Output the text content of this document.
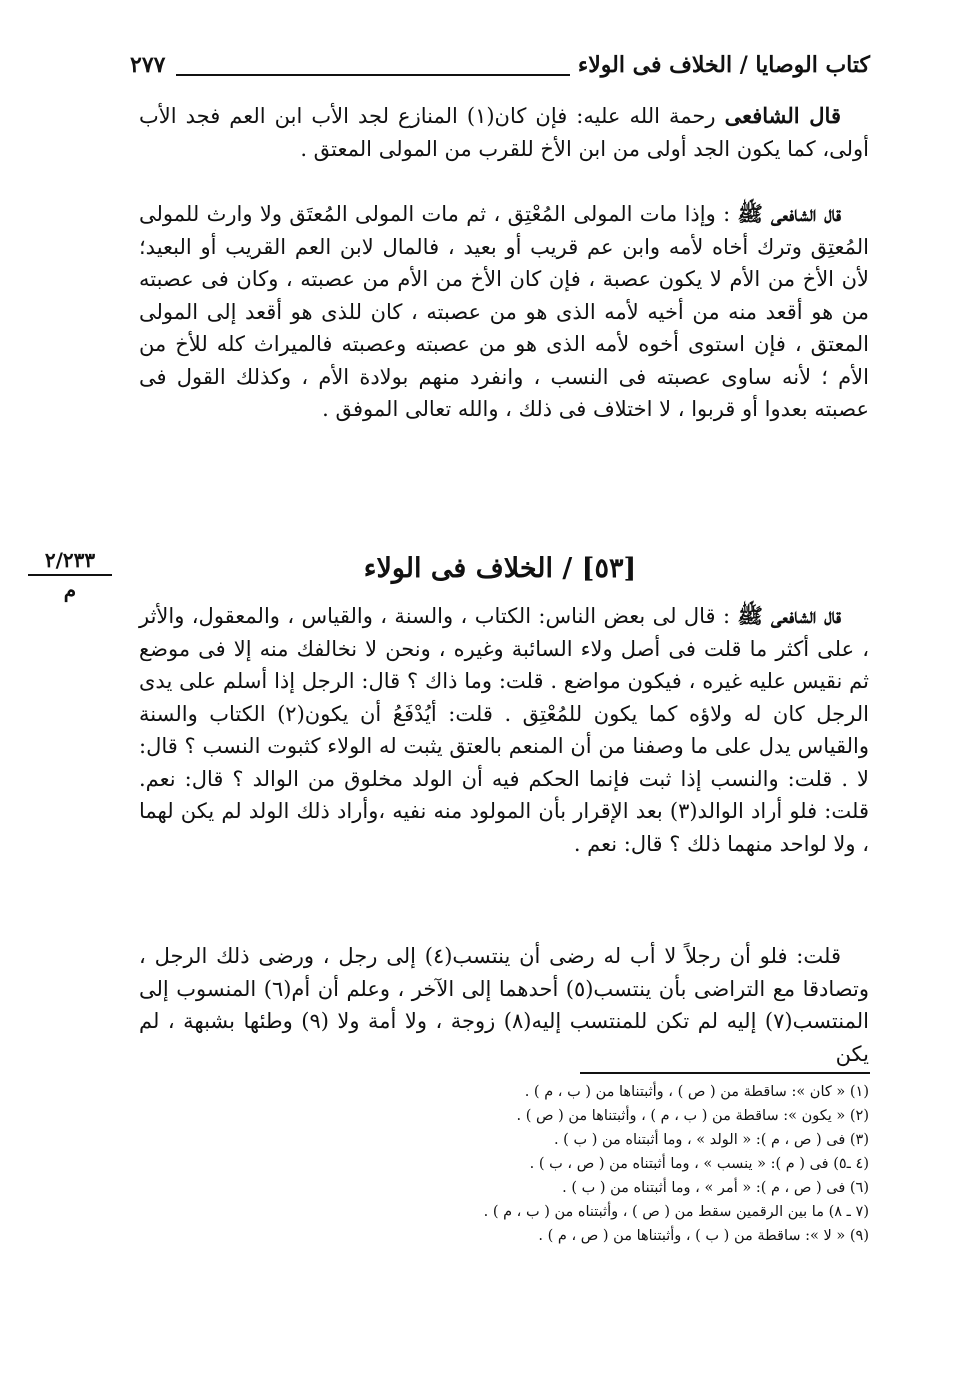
كتاب الوصايا / الخلاف فى الولاء
٢٧٧

قال الشافعى رحمة الله عليه: فإن كان(١) المنازع لجد الأب ابن العم فجد الأب أولى، كما يكون الجد أولى من ابن الأخ للقرب من المولى المعتق .

قال الشافعى ﷺ : وإذا مات المولى المُعْتِق ، ثم مات المولى المُعتَق ولا وارث للمولى المُعتِق وترك أخاه لأمه وابن عم قريب أو بعيد ، فالمال لابن العم القريب أو البعيد؛ لأن الأخ من الأم لا يكون عصبة ، فإن كان الأخ من الأم من عصبته ، وكان فى عصبته من هو أقعد منه من أخيه لأمه الذى هو من عصبته ، كان للذى هو أقعد إلى المولى المعتق ، فإن استوى أخوه لأمه الذى هو من عصبته وعصبته فالميراث كله للأخ من الأم ؛ لأنه ساوى عصبته فى النسب ، وانفرد منهم بولادة الأم ، وكذلك القول فى عصبته بعدوا أو قربوا ، لا اختلاف فى ذلك ، والله تعالى الموفق .

[٥٣] / الخلاف فى الولاء
٢/٢٣٣
م

قال الشافعى ﷺ : قال لى بعض الناس: الكتاب ، والسنة ، والقياس ، والمعقول، والأثر ، على أكثر ما قلت فى أصل ولاء السائبة وغيره ، ونحن لا نخالفك منه إلا فى موضع ثم نقيس عليه غيره ، فيكون مواضع . قلت: وما ذاك ؟ قال: الرجل إذا أسلم على يدى الرجل كان له ولاؤه كما يكون للمُعْتِق . قلت: أيُدْفَعُ أن يكون(٢) الكتاب والسنة والقياس يدل على ما وصفنا من أن المنعم بالعتق يثبت له الولاء كثبوت النسب ؟ قال: لا . قلت: والنسب إذا ثبت فإنما الحكم فيه أن الولد مخلوق من الوالد ؟ قال: نعم. قلت: فلو أراد الوالد(٣) بعد الإقرار بأن المولود منه نفيه ،وأراد ذلك الولد لم يكن لهما ، ولا لواحد منهما ذلك ؟ قال: نعم .

قلت: فلو أن رجلاً لا أب له رضى أن ينتسب(٤) إلى رجل ، ورضى ذلك الرجل ، وتصادقا مع التراضى بأن ينتسب(٥) أحدهما إلى الآخر ، وعلم أن أم(٦) المنسوب إلى المنتسب(٧) إليه لم تكن للمنتسب إليه(٨) زوجة ، ولا أمة ولا (٩) وطئها بشبهة ، لم يكن

(١) « كان »: ساقطة من ( ص ) ، وأثبتناها من ( ب ، م ) .
(٢) « يكون »: ساقطة من ( ب ، م ) ، وأثبتناها من ( ص ) .
(٣) فى ( ص ، م ): « الولد » ، وما أثبتناه من ( ب ) .
(٤ ـ٥) فى ( م ): « ينسب » ، وما أثبتناه من ( ص ، ب ) .
(٦) فى ( ص ، م ): « أمر » ، وما أثبتناه من ( ب ) .
(٧ ـ ٨) ما بين الرقمين سقط من ( ص ) ، وأثبتناه من ( ب ، م ) .
(٩) « لا »: ساقطة من ( ب ) ، وأثبتناها من ( ص ، م ) .
